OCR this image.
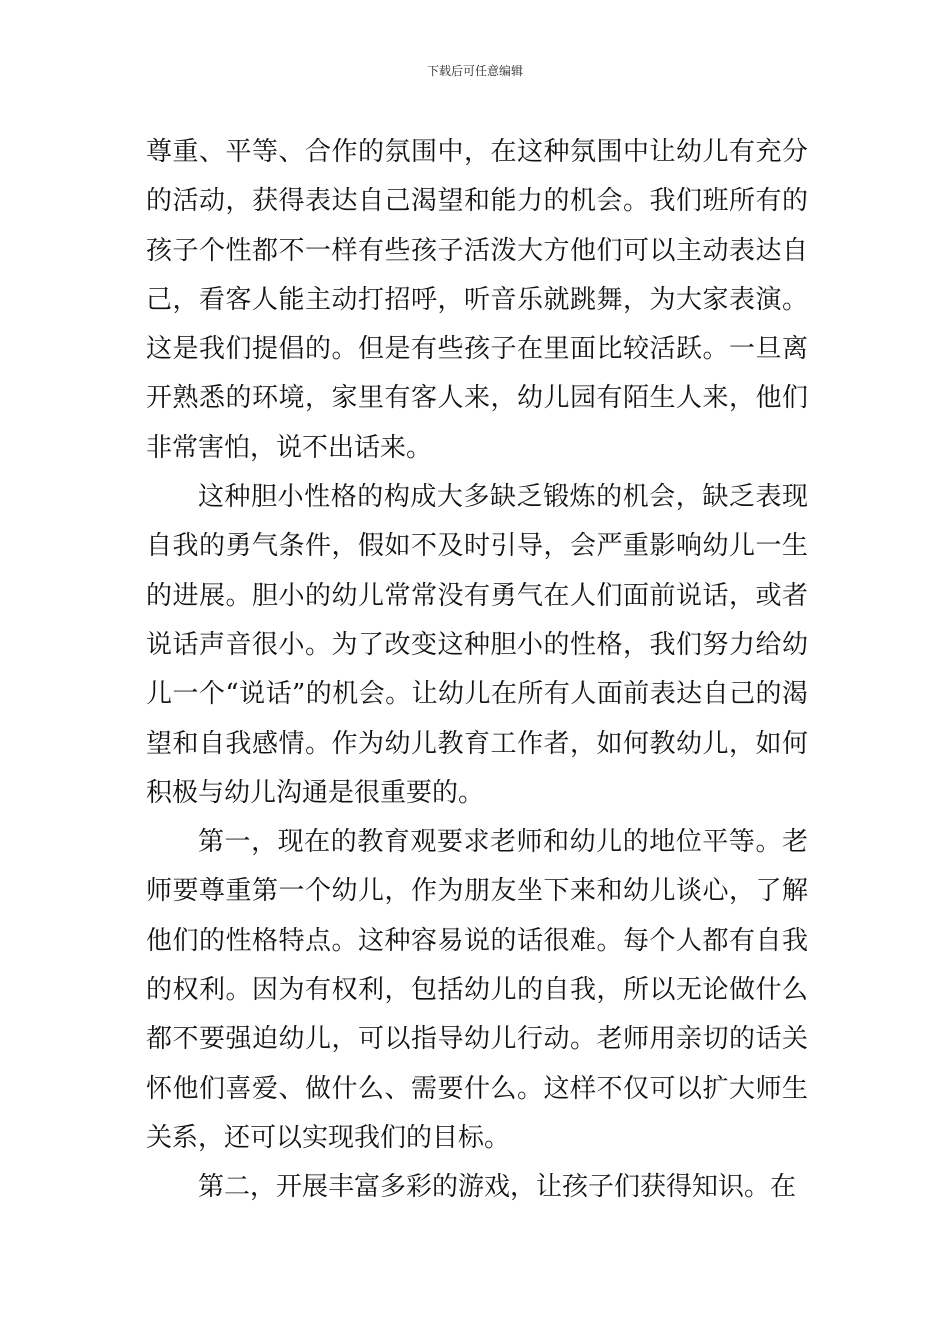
下载后可任意编辑

尊重、平等、合作的氛围中，在这种氛围中让幼儿有充分的活动，获得表达自己渴望和能力的机会。我们班所有的孩子个性都不一样有些孩子活泼大方他们可以主动表达自己，看客人能主动打招呼，听音乐就跳舞，为大家表演。这是我们提倡的。但是有些孩子在里面比较活跃。一旦离开熟悉的环境，家里有客人来，幼儿园有陌生人来，他们非常害怕，说不出话来。

这种胆小性格的构成大多缺乏锻炼的机会，缺乏表现自我的勇气条件，假如不及时引导，会严重影响幼儿一生的进展。胆小的幼儿常常没有勇气在人们面前说话，或者说话声音很小。为了改变这种胆小的性格，我们努力给幼儿一个“说话”的机会。让幼儿在所有人面前表达自己的渴望和自我感情。作为幼儿教育工作者，如何教幼儿，如何积极与幼儿沟通是很重要的。

第一，现在的教育观要求老师和幼儿的地位平等。老师要尊重第一个幼儿，作为朋友坐下来和幼儿谈心，了解他们的性格特点。这种容易说的话很难。每个人都有自我的权利。因为有权利，包括幼儿的自我，所以无论做什么都不要强迫幼儿，可以指导幼儿行动。老师用亲切的话关怀他们喜爱、做什么、需要什么。这样不仅可以扩大师生关系，还可以实现我们的目标。

第二，开展丰富多彩的游戏，让孩子们获得知识。在
